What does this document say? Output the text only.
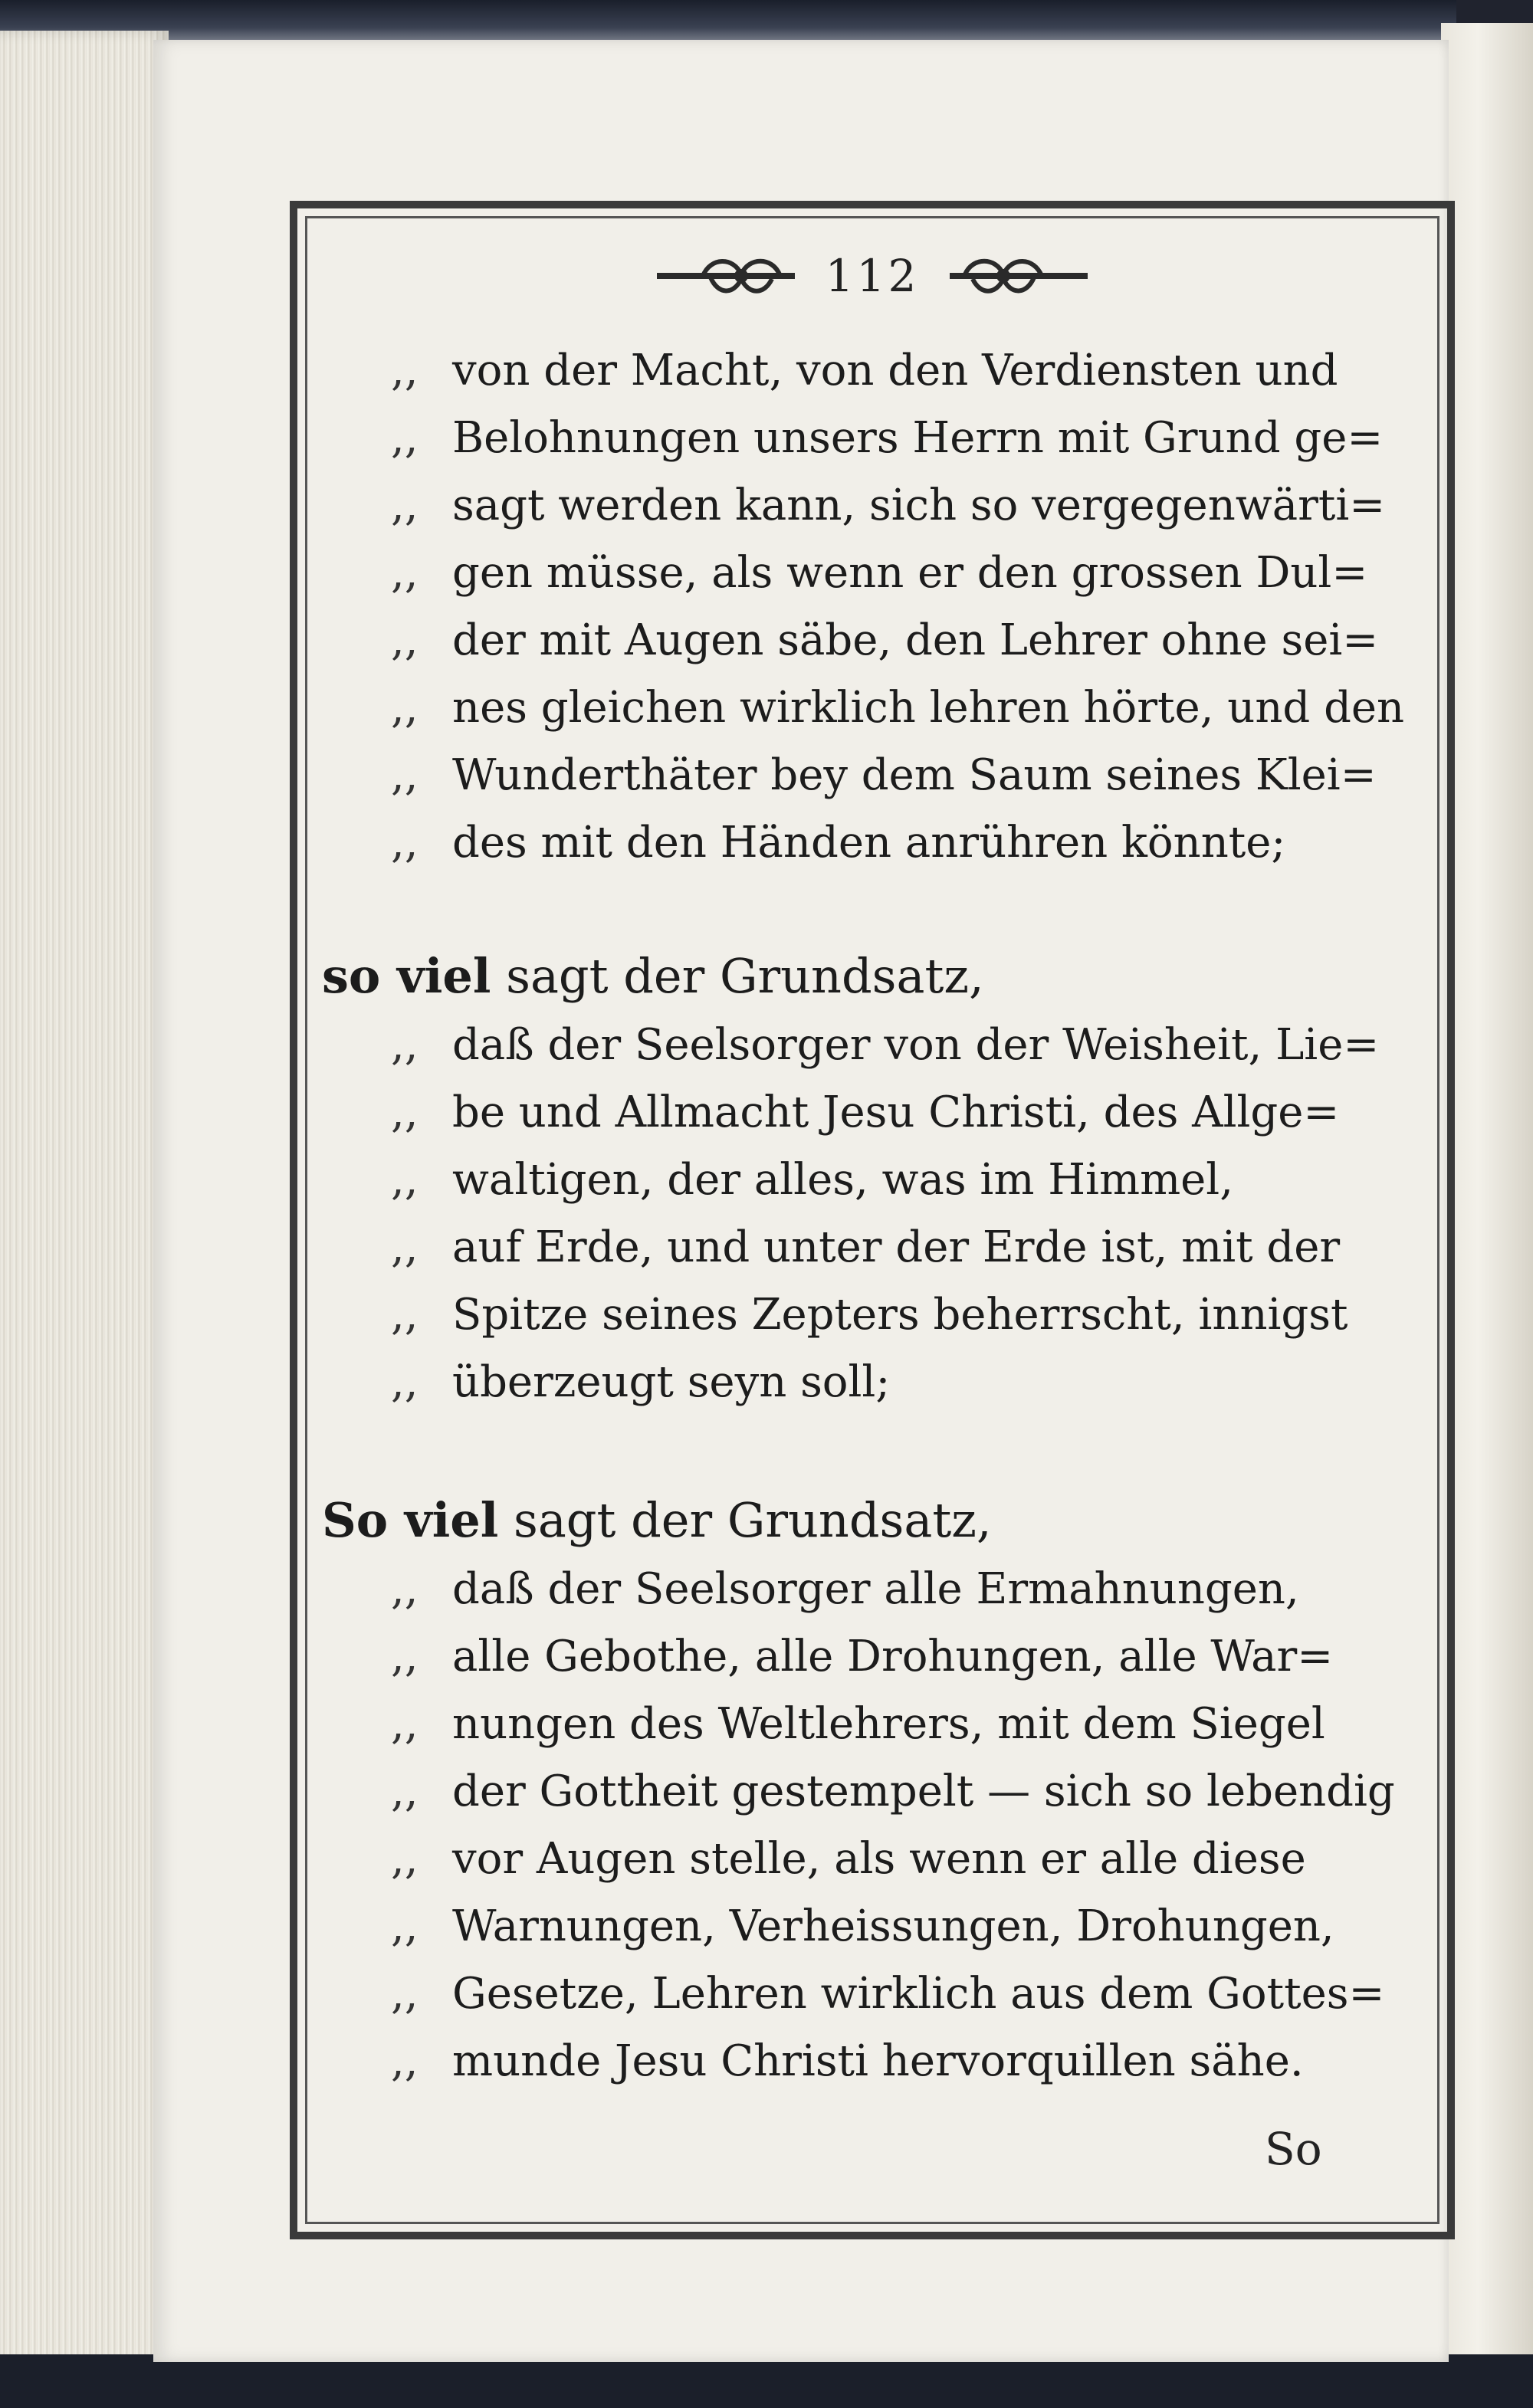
112
,, von der Macht, von den Verdiensten und
,, Belohnungen unsers Herrn mit Grund ge=
,, sagt werden kann, sich so vergegenwärti=
,, gen müsse, als wenn er den grossen Dul=
,, der mit Augen säbe, den Lehrer ohne sei=
,, nes gleichen wirklich lehren hörte, und den
,, Wunderthäter bey dem Saum seines Klei=
,, des mit den Händen anrühren könnte;
so viel sagt der Grundsatz,
,, daß der Seelsorger von der Weisheit, Lie=
,, be und Allmacht Jesu Christi, des Allge=
,, waltigen, der alles, was im Himmel,
,, auf Erde, und unter der Erde ist, mit der
,, Spitze seines Zepters beherrscht, innigst
,, überzeugt seyn soll;
So viel sagt der Grundsatz,
,, daß der Seelsorger alle Ermahnungen,
,, alle Gebothe, alle Drohungen, alle War=
,, nungen des Weltlehrers, mit dem Siegel
,, der Gottheit gestempelt — sich so lebendig
,, vor Augen stelle, als wenn er alle diese
,, Warnungen, Verheissungen, Drohungen,
,, Gesetze, Lehren wirklich aus dem Gottes=
,, munde Jesu Christi hervorquillen sähe.
So
